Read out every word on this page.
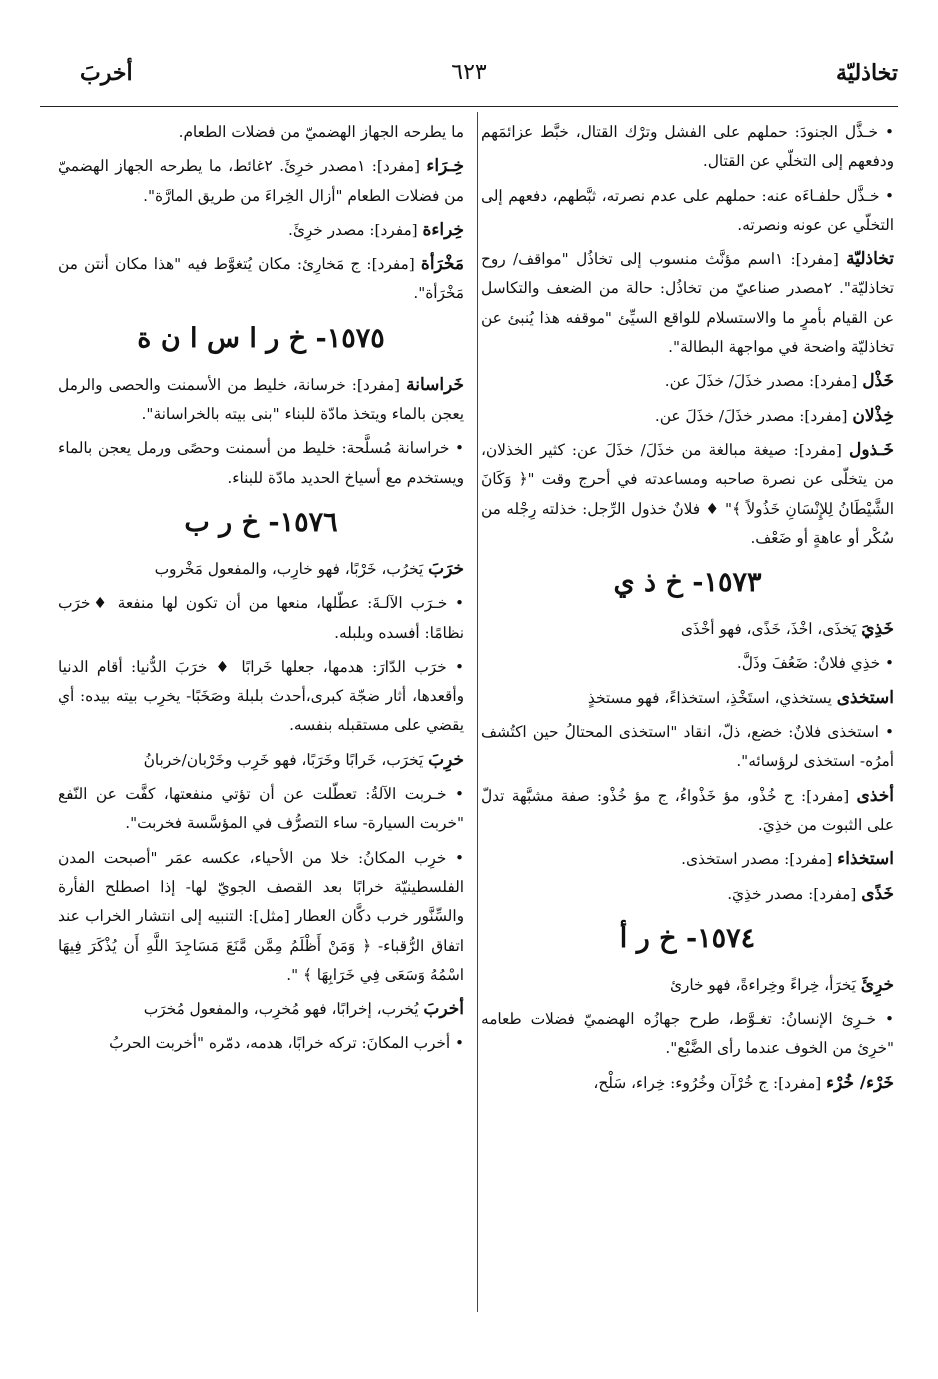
تخاذليّة
٦٢٣
أخربَ

• خـذَّل الجنودَ: حملهم على الفشل وترْك القتال، خبَّط عزائمَهم ودفعهم إلى التخلّي عن القتال.

• خـذَّل حلفـاءَه عنه: حملهم على عدم نصرته، ثبَّطهم، دفعهم إلى التخلّي عن عونه ونصرته.

تخاذليّة [مفرد]: ١اسم مؤنَّث منسوب إلى تخاذُل "مواقف/ روح تخاذليّة". ٢مصدر صناعيّ من تخاذُل: حالة من الضعف والتكاسل عن القيام بأمرٍ ما والاستسلام للواقع السيِّئ "موقفه هذا يُنبئ عن تخاذليّة واضحة في مواجهة البطالة".

خَذْل [مفرد]: مصدر خذَلَ/ خذَلَ عن.

خِذْلان [مفرد]: مصدر خذَلَ/ خذَلَ عن.

خَـذول [مفرد]: صيغة مبالغة من خذَلَ/ خذَلَ عن: كثير الخذلان، من يتخلّى عن نصرة صاحبه ومساعدته في أحرج وقت "﴿ وَكَانَ الشَّيْطَانُ لِلإِنْسَانِ خَذُولاً ﴾" ♦ فلانٌ خذول الرِّجل: خذلته رِجْله من سُكْر أو عاهةٍ أو ضَعْف.

١٥٧٣- خ ذ ي

خَذِيَ يَخذَى، اخْذَ، خَذًى، فهو أخْذَى

• خذِي فلانٌ: ضَعُفَ وذَلَّ.

استخذى يستخذي، استَخْذِ، استخذاءً، فهو مستخذٍ

• استخذى فلانٌ: خضع، ذلّ، انقاد "استخذى المحتالُ حين اكتُشف أمرُه- استخذى لرؤسائه".

أخذى [مفرد]: ج خُذْو، مؤ خَذْواءُ، ج مؤ خُذْو: صفة مشبَّهة تدلّ على الثبوت من خذِيَ.

استخذاء [مفرد]: مصدر استخذى.

خَذًى [مفرد]: مصدر خذِيَ.

١٥٧٤- خ ر أ

خرِئَ يَخرَأ، خِراءً وخِراءةً، فهو خارئ

• خـرِئ الإنسانُ: تغـوَّط، طرح جهازُه الهضميّ فضلات طعامه "خرِئ من الخوف عندما رأى الضَّبْع".

خَرْء/ خُرْء [مفرد]: ج خُرْآن وخُرُوء: خِراء، سَلْح،

ما يطرحه الجهاز الهضميّ من فضلات الطعام.

خِـرَاء [مفرد]: ١مصدر خرِئَ. ٢غائط، ما يطرحه الجهاز الهضميّ من فضلات الطعام "أزال الخِراءَ من طريق المارَّة".

خِراءة [مفرد]: مصدر خرِئَ.

مَخْرَأة [مفرد]: ج مَخارِئ: مكان يُتغوَّط فيه "هذا مكان أنتن من مَخْرَأة".

١٥٧٥- خ ر ا س ا ن ة

خَراسانة [مفرد]: خرسانة، خليط من الأسمنت والحصى والرمل يعجن بالماء ويتخذ مادّة للبناء "بنى بيته بالخراسانة".

• خراسانة مُسلَّحة: خليط من أسمنت وحصًى ورمل يعجن بالماء ويستخدم مع أسياخ الحديد مادّة للبناء.

١٥٧٦- خ ر ب

خرَبَ يَخرُب، خَرْبًا، فهو خارِب، والمفعول مَخْروب

• خـرَب الآلـةَ: عطّلها، منعها من أن تكون لها منفعة ♦خرَب نظامًا: أفسده وبلبله.

• خرَب الدّارَ: هدمها، جعلها خَرابًا ♦ خرَبَ الدُّنيا: أقام الدنيا وأقعدها، أثار ضجّة كبرى،أحدث بلبلة وصَخَبًا- يخرِب بيته بيده: أي يقضي على مستقبله بنفسه.

خرِبَ يَخرَب، خَرابًا وخَرَبًا، فهو خَرِب وخَرْبان/خربانُ

• خـربت الآلةُ: تعطّلت عن أن تؤتي منفعتها، كفَّت عن النّفع "خربت السيارة- ساء التصرُّف في المؤسَّسة فخربت".

• خرِب المكانُ: خلا من الأحياء، عكسه عمَر "أصبحت المدن الفلسطينيّة خرابًا بعد القصف الجويّ لها- إذا اصطلح الفأرة والسِّنَّور خرب دكَّان العطار [مثل]: التنبيه إلى انتشار الخراب عند اتفاق الرُّقباء- ﴿ وَمَنْ أَظْلَمُ مِمَّن مَّنَعَ مَسَاجِدَ اللَّهِ أَن يُذْكَرَ فِيهَا اسْمُهُ وَسَعَى فِي خَرَابِهَا ﴾ ".

أخربَ يُخرب، إخرابًا، فهو مُخرِب، والمفعول مُخرَب

• أخرب المكانَ: تركه خرابًا، هدمه، دمّره "أخربت الحربُ
